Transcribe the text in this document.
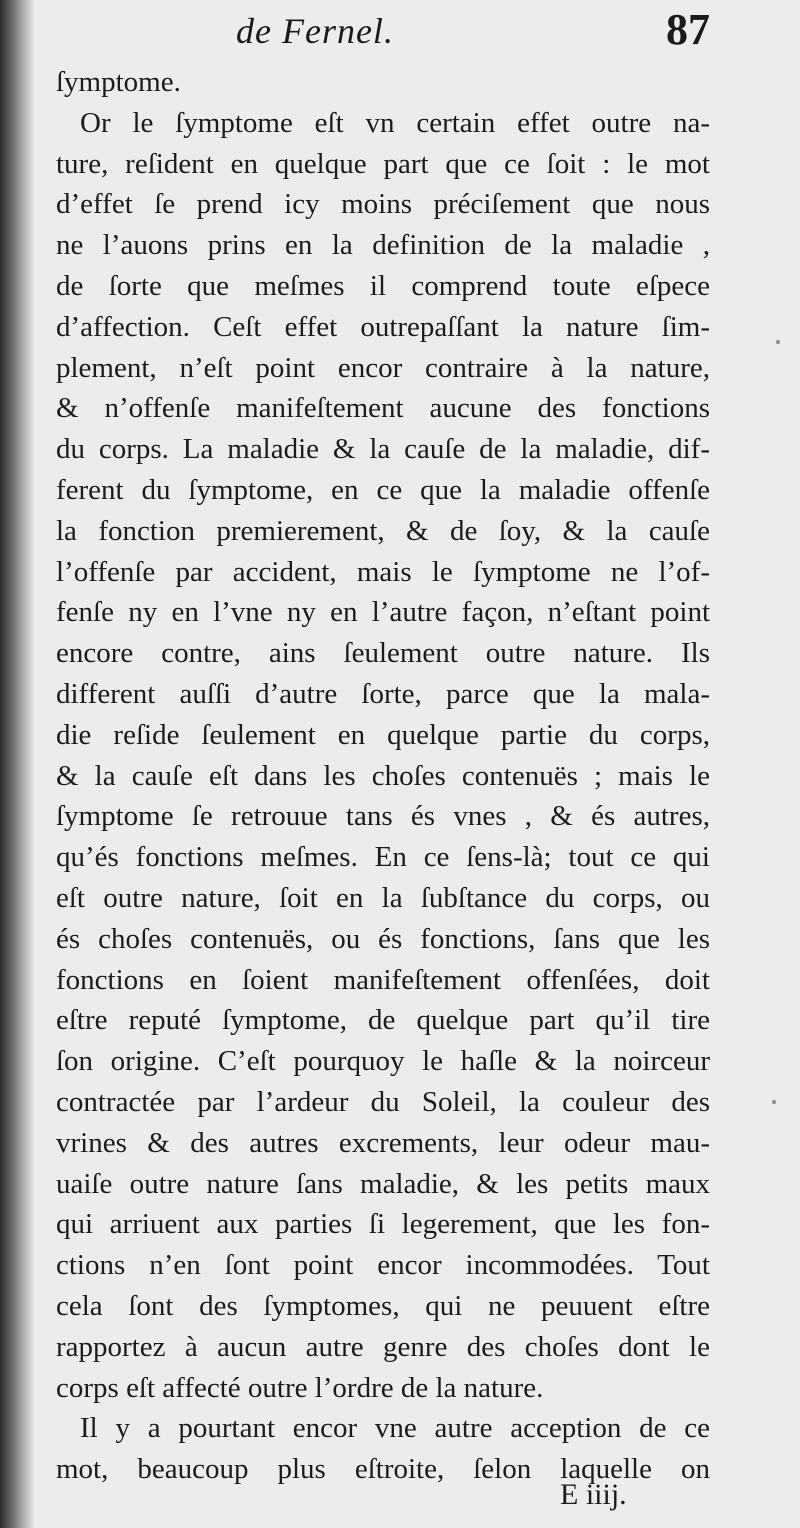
de Fernel.	87
ſymptome.
Or le ſymptome eſt vn certain effet outre na-
ture, reſident en quelque part que ce ſoit : le mot
d’effet ſe prend icy moins préciſement que nous
ne l’auons prins en la definition de la maladie ,
de ſorte que meſmes il comprend toute eſpece
d’affection. Ceſt effet outrepaſſant la nature ſim-
plement, n’eſt point encor contraire à la nature,
& n’offenſe manifeſtement aucune des fonctions
du corps. La maladie & la cauſe de la maladie, dif-
ferent du ſymptome, en ce que la maladie offenſe
la fonction premierement, & de ſoy, & la cauſe
l’offenſe par accident, mais le ſymptome ne l’of-
fenſe ny en l’vne ny en l’autre façon, n’eſtant point
encore contre, ains ſeulement outre nature. Ils
different auſſi d’autre ſorte, parce que la mala-
die reſide ſeulement en quelque partie du corps,
& la cauſe eſt dans les choſes contenuës ; mais le
ſymptome ſe retrouue tans és vnes , & és autres,
qu’és fonctions meſmes. En ce ſens-là; tout ce qui
eſt outre nature, ſoit en la ſubſtance du corps, ou
és choſes contenuës, ou és fonctions, ſans que les
fonctions en ſoient manifeſtement offenſées, doit
eſtre reputé ſymptome, de quelque part qu’il tire
ſon origine. C’eſt pourquoy le haſle & la noirceur
contractée par l’ardeur du Soleil, la couleur des
vrines & des autres excrements, leur odeur mau-
uaiſe outre nature ſans maladie, & les petits maux
qui arriuent aux parties ſi legerement, que les fon-
ctions n’en ſont point encor incommodées. Tout
cela ſont des ſymptomes, qui ne peuuent eſtre
rapportez à aucun autre genre des choſes dont le
corps eſt affecté outre l’ordre de la nature.
Il y a pourtant encor vne autre acception de ce
mot, beaucoup plus eſtroite, ſelon laquelle on
E iiij.
